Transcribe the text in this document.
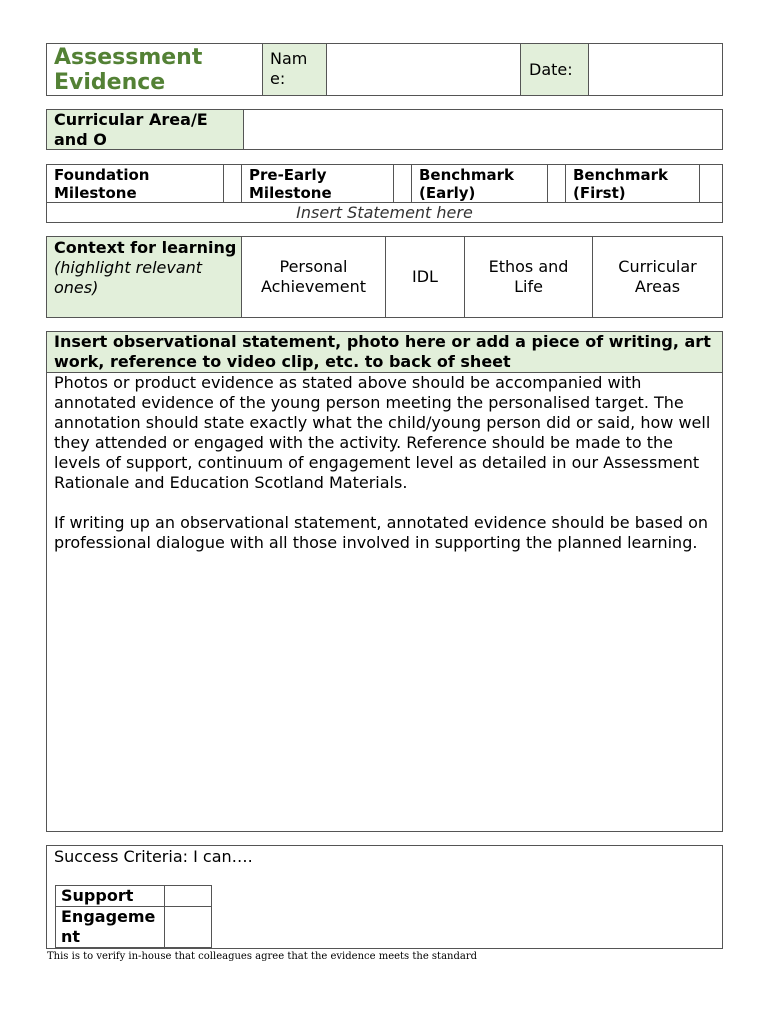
Assessment Evidence
Nam
e:	Date:
Curricular Area/E and O
Foundation Milestone
Pre-Early Milestone
Benchmark (Early)
Benchmark (First)
Insert Statement here
Context for learning
(highlight relevant ones)
Personal Achievement
IDL
Ethos and Life
Curricular Areas
Insert observational statement, photo here or add a piece of writing, art work, reference to video clip, etc. to back of sheet

Photos or product evidence as stated above should be accompanied with annotated evidence of the young person meeting the personalised target. The annotation should state exactly what the child/young person did or said, how well they attended or engaged with the activity. Reference should be made to the levels of support, continuum of engagement level as detailed in our Assessment Rationale and Education Scotland Materials.

If writing up an observational statement, annotated evidence should be based on professional dialogue with all those involved in supporting the planned learning.

Success Criteria: I can….
Support
Engagement
This is to verify in-house that colleagues agree that the evidence meets the standard
